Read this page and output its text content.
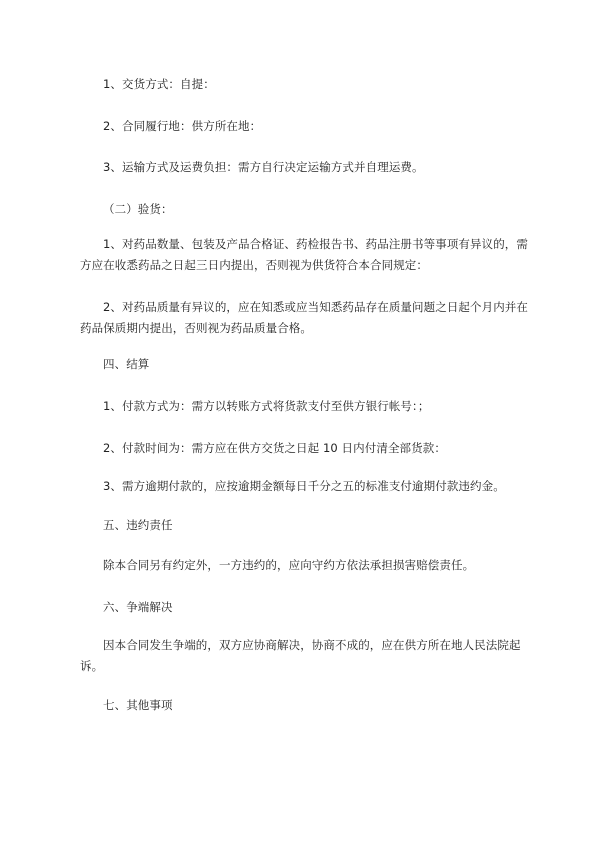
1、交货方式：自提：
2、合同履行地：供方所在地：
3、运输方式及运费负担：需方自行决定运输方式并自理运费。
（二）验货：
1、对药品数量、包装及产品合格证、药检报告书、药品注册书等事项有异议的，需方应在收悉药品之日起三日内提出，否则视为供货符合本合同规定：
2、对药品质量有异议的，应在知悉或应当知悉药品存在质量问题之日起个月内并在药品保质期内提出，否则视为药品质量合格。
四、结算
1、付款方式为：需方以转账方式将货款支付至供方银行帐号：；
2、付款时间为：需方应在供方交货之日起 10 日内付清全部货款：
3、需方逾期付款的，应按逾期金额每日千分之五的标准支付逾期付款违约金。
五、违约责任
除本合同另有约定外，一方违约的，应向守约方依法承担损害赔偿责任。
六、争端解决
因本合同发生争端的，双方应协商解决，协商不成的，应在供方所在地人民法院起诉。
七、其他事项
